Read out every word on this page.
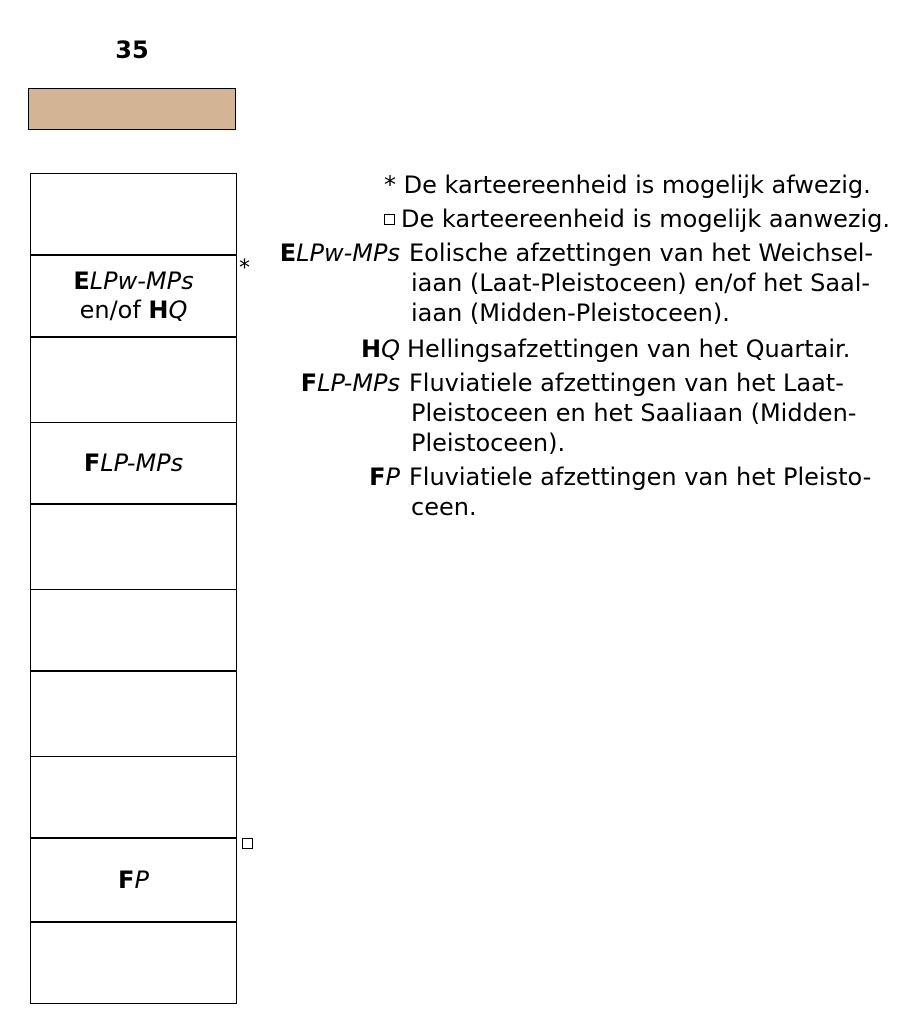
35
ELPw-MPs
en/of HQ
FLP-MPs
FP
*
* De karteereenheid is mogelijk afwezig.
De karteereenheid is mogelijk aanwezig.
ELPw-MPs Eolische afzettingen van het Weichsel-
iaan (Laat-Pleistoceen) en/of het Saal-
iaan (Midden-Pleistoceen).
HQ Hellingsafzettingen van het Quartair.
FLP-MPs Fluviatiele afzettingen van het Laat-
Pleistoceen en het Saaliaan (Midden-
Pleistoceen).
FP Fluviatiele afzettingen van het Pleisto-
ceen.
